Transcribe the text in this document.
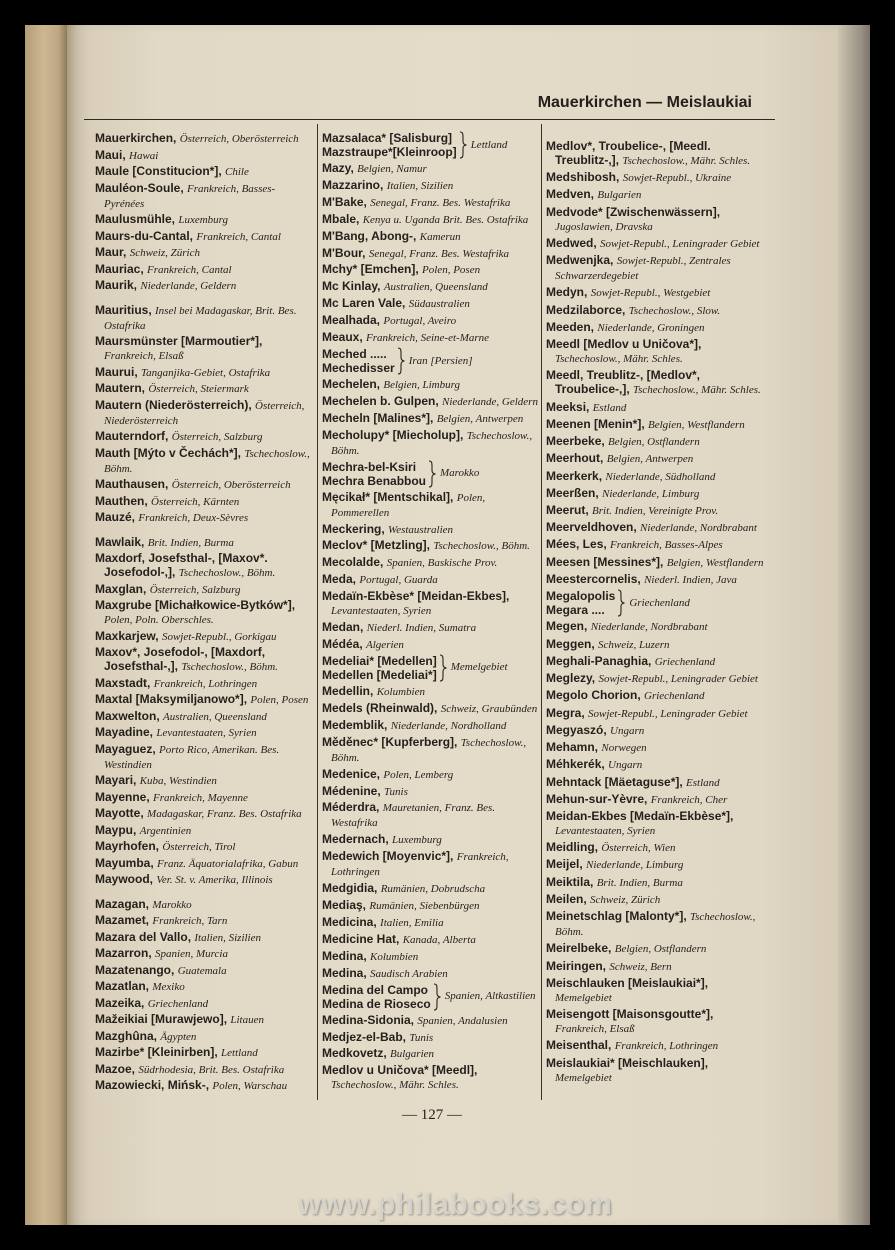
Mauerkirchen — Meislaukiai
Mauerkirchen, Österreich, Oberösterreich
Maui, Hawai
Maule [Constitucion*], Chile
Mauléon-Soule, Frankreich, Basses-Pyrénées
Maulusmühle, Luxemburg
Maurs-du-Cantal, Frankreich, Cantal
Maur, Schweiz, Zürich
Mauriac, Frankreich, Cantal
Maurik, Niederlande, Geldern
Mauritius, Insel bei Madagaskar, Brit. Bes. Ostafrika
Maursmünster [Marmoutier*], Frankreich, Elsaß
Maurui, Tanganjika-Gebiet, Ostafrika
Mautern, Österreich, Steiermark
Mautern (Niederösterreich), Österreich, Niederösterreich
Mauterndorf, Österreich, Salzburg
Mauth [Mýto v Čechách*], Tschechoslow., Böhm.
Mauthausen, Österreich, Oberösterreich
Mauthen, Österreich, Kärnten
Mauzé, Frankreich, Deux-Sèvres
Mawlaik, Brit. Indien, Burma
Maxdorf, Josefsthal-, [Maxov*. Josefodol-,], Tschechoslow., Böhm.
Maxglan, Österreich, Salzburg
Maxgrube [Michałkowice-Bytków*], Polen, Poln. Oberschles.
Maxkarjew, Sowjet-Republ., Gorkigau
Maxov*, Josefodol-, [Maxdorf, Josefsthal-,], Tschechoslow., Böhm.
Maxstadt, Frankreich, Lothringen
Maxtal [Maksymiljanowo*], Polen, Posen
Maxwelton, Australien, Queensland
Mayadine, Levantestaaten, Syrien
Mayaguez, Porto Rico, Amerikan. Bes. Westindien
Mayari, Kuba, Westindien
Mayenne, Frankreich, Mayenne
Mayotte, Madagaskar, Franz. Bes. Ostafrika
Maypu, Argentinien
Mayrhofen, Österreich, Tirol
Mayumba, Franz. Äquatorialafrika, Gabun
Maywood, Ver. St. v. Amerika, Illinois
Mazagan, Marokko
Mazamet, Frankreich, Tarn
Mazara del Vallo, Italien, Sizilien
Mazarron, Spanien, Murcia
Mazatenango, Guatemala
Mazatlan, Mexiko
Mazeika, Griechenland
Mažeikiai [Murawjewo], Litauen
Mazghûna, Ägypten
Mazirbe* [Kleinirben], Lettland
Mazoe, Südrhodesia, Brit. Bes. Ostafrika
Mazowiecki, Mińsk-, Polen, Warschau
Mazsalaca* [Salisburg]
Mazstraupe*[Kleinroop]
Lettland
Mazy, Belgien, Namur
Mazzarino, Italien, Sizilien
M'Bake, Senegal, Franz. Bes. Westafrika
Mbale, Kenya u. Uganda Brit. Bes. Ostafrika
M'Bang, Abong-, Kamerun
M'Bour, Senegal, Franz. Bes. Westafrika
Mchy* [Emchen], Polen, Posen
Mc Kinlay, Australien, Queensland
Mc Laren Vale, Südaustralien
Mealhada, Portugal, Aveiro
Meaux, Frankreich, Seine-et-Marne
Meched .....
Mechedisser
Iran [Persien]
Mechelen, Belgien, Limburg
Mechelen b. Gulpen, Niederlande, Geldern
Mecheln [Malines*], Belgien, Antwerpen
Mecholupy* [Miecholup], Tschechoslow., Böhm.
Mechra-bel-Ksiri
Mechra Benabbou
Marokko
Męcikał* [Mentschikal], Polen, Pommerellen
Meckering, Westaustralien
Meclov* [Metzling], Tschechoslow., Böhm.
Mecolalde, Spanien, Baskische Prov.
Meda, Portugal, Guarda
Medaïn-Ekbèse* [Meidan-Ekbes], Levantestaaten, Syrien
Medan, Niederl. Indien, Sumatra
Médéa, Algerien
Medeliai* [Medellen]
Medellen [Medeliai*]
Memelgebiet
Medellin, Kolumbien
Medels (Rheinwald), Schweiz, Graubünden
Medemblik, Niederlande, Nordholland
Měděnec* [Kupferberg], Tschechoslow., Böhm.
Medenice, Polen, Lemberg
Médenine, Tunis
Méderdra, Mauretanien, Franz. Bes. Westafrika
Medernach, Luxemburg
Medewich [Moyenvic*], Frankreich, Lothringen
Medgidia, Rumänien, Dobrudscha
Mediaş, Rumänien, Siebenbürgen
Medicina, Italien, Emilia
Medicine Hat, Kanada, Alberta
Medina, Kolumbien
Medina, Saudisch Arabien
Medina del Campo
Medina de Rioseco
Spanien, Altkastilien
Medina-Sidonia, Spanien, Andalusien
Medjez-el-Bab, Tunis
Medkovetz, Bulgarien
Medlov u Uničova* [Meedl], Tschechoslow., Mähr. Schles.
Medlov*, Troubelice-, [Meedl. Treublitz-,], Tschechoslow., Mähr. Schles.
Medshibosh, Sowjet-Republ., Ukraine
Medven, Bulgarien
Medvode* [Zwischenwässern], Jugoslawien, Dravska
Medwed, Sowjet-Republ., Leningrader Gebiet
Medwenjka, Sowjet-Republ., Zentrales Schwarzerdegebiet
Medyn, Sowjet-Republ., Westgebiet
Medzilaborce, Tschechoslow., Slow.
Meeden, Niederlande, Groningen
Meedl [Medlov u Uničova*], Tschechoslow., Mähr. Schles.
Meedl, Treublitz-, [Medlov*, Troubelice-,], Tschechoslow., Mähr. Schles.
Meeksi, Estland
Meenen [Menin*], Belgien, Westflandern
Meerbeke, Belgien, Ostflandern
Meerhout, Belgien, Antwerpen
Meerkerk, Niederlande, Südholland
Meerßen, Niederlande, Limburg
Meerut, Brit. Indien, Vereinigte Prov.
Meerveldhoven, Niederlande, Nordbrabant
Mées, Les, Frankreich, Basses-Alpes
Meesen [Messines*], Belgien, Westflandern
Meestercornelis, Niederl. Indien, Java
Megalopolis
Megara ....
Griechenland
Megen, Niederlande, Nordbrabant
Meggen, Schweiz, Luzern
Meghali-Panaghia, Griechenland
Meglezy, Sowjet-Republ., Leningrader Gebiet
Megolo Chorion, Griechenland
Megra, Sowjet-Republ., Leningrader Gebiet
Megyaszó, Ungarn
Mehamn, Norwegen
Méhkerék, Ungarn
Mehntack [Mäetaguse*], Estland
Mehun-sur-Yèvre, Frankreich, Cher
Meidan-Ekbes [Medaïn-Ekbèse*], Levantestaaten, Syrien
Meidling, Österreich, Wien
Meijel, Niederlande, Limburg
Meiktila, Brit. Indien, Burma
Meilen, Schweiz, Zürich
Meinetschlag [Malonty*], Tschechoslow., Böhm.
Meirelbeke, Belgien, Ostflandern
Meiringen, Schweiz, Bern
Meischlauken [Meislaukiai*], Memelgebiet
Meisengott [Maisonsgoutte*], Frankreich, Elsaß
Meisenthal, Frankreich, Lothringen
Meislaukiai* [Meischlauken], Memelgebiet
— 127 —
www.philabooks.com
